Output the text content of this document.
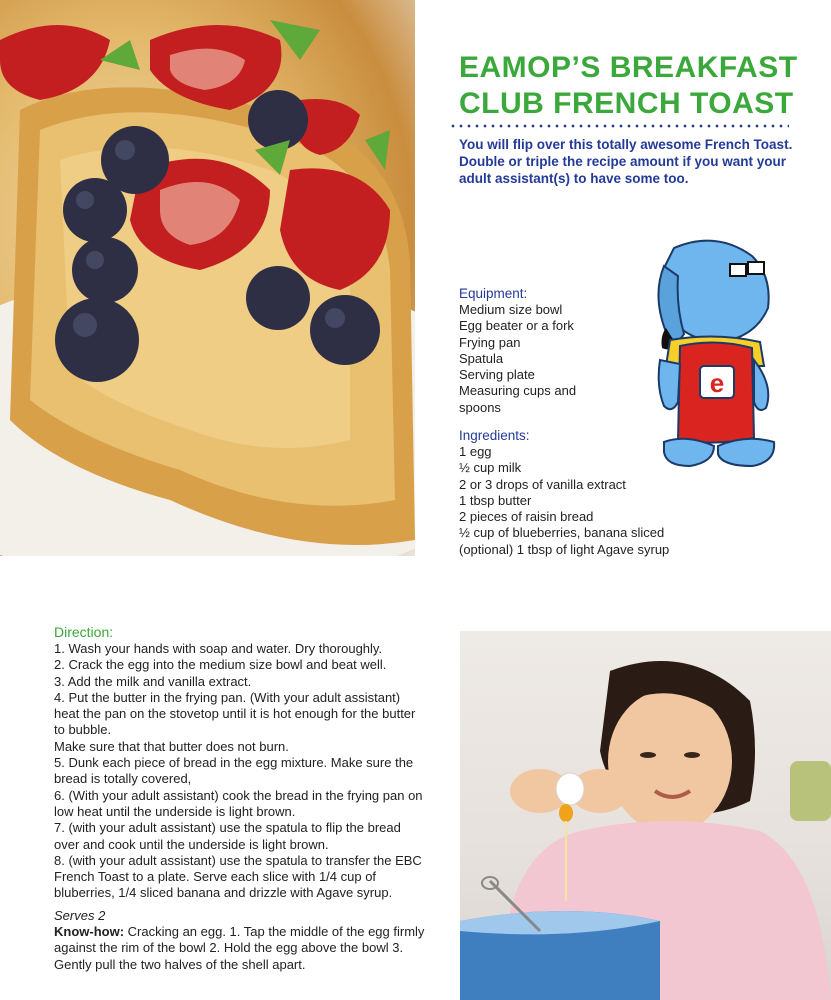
EAMOP’S BREAKFAST CLUB FRENCH TOAST

You will flip over this totally awesome French Toast. Double or triple the recipe amount if you want your adult assistant(s) to have some too.

Equipment:
Medium size bowl
Egg beater or a fork
Frying pan
Spatula
Serving plate
Measuring cups and spoons
Ingredients:
1 egg
½ cup milk
2 or 3 drops of vanilla extract
1 tbsp butter
2 pieces of raisin bread
½ cup of blueberries, banana sliced (optional) 1 tbsp of light Agave syrup
e
Direction:
1. Wash your hands with soap and water. Dry thoroughly.
2. Crack the egg into the medium size bowl and beat well.
3. Add the milk and vanilla extract.
4. Put the butter in the frying pan. (With your adult assistant) heat the pan on the stovetop until it is hot enough for the butter to bubble.
Make sure that that butter does not burn.
5. Dunk each piece of bread in the egg mixture. Make sure the bread is totally covered,
6. (With your adult assistant) cook the bread in the frying pan on low heat until the underside is light brown.
7. (with your adult assistant) use the spatula to flip the bread over and cook until the underside is light brown.
8. (with your adult assistant) use the spatula to transfer the EBC French Toast to a plate. Serve each slice with 1/4 cup of bluberries, 1/4 sliced banana and drizzle with Agave syrup.
Serves 2
Know-how: Cracking an egg. 1. Tap the middle of the egg firmly against the rim of the bowl 2. Hold the egg above the bowl 3. Gently pull the two halves of the shell apart.
